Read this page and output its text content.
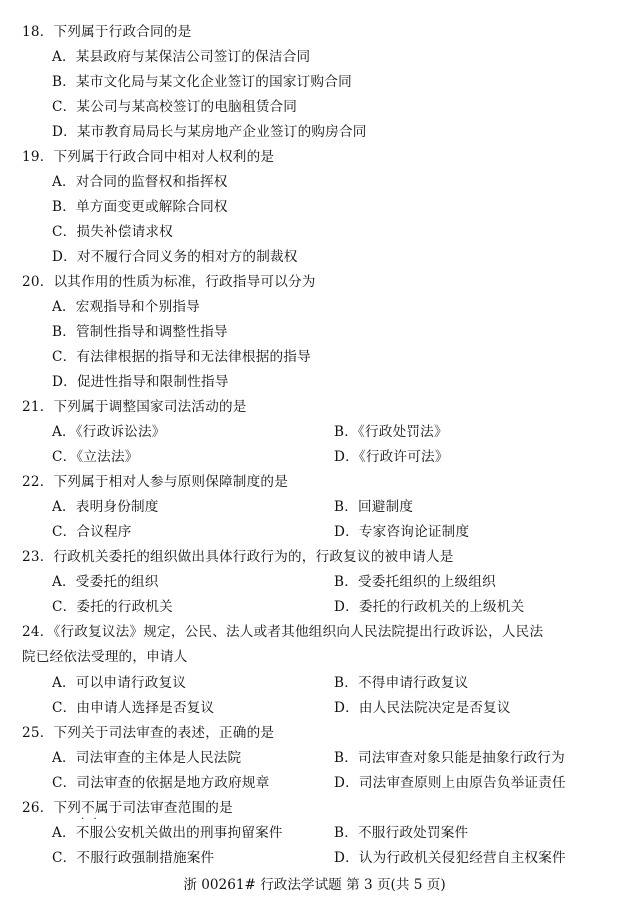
18．下列属于行政合同的是
A．某县政府与某保洁公司签订的保洁合同
B．某市文化局与某文化企业签订的国家订购合同
C．某公司与某高校签订的电脑租赁合同
D．某市教育局局长与某房地产企业签订的购房合同
19．下列属于行政合同中相对人权利的是
A．对合同的监督权和指挥权
B．单方面变更或解除合同权
C．损失补偿请求权
D．对不履行合同义务的相对方的制裁权
20．以其作用的性质为标准，行政指导可以分为
A．宏观指导和个别指导
B．管制性指导和调整性指导
C．有法律根据的指导和无法律根据的指导
D．促进性指导和限制性指导
21．下列属于调整国家司法活动的是
A．《行政诉讼法》	B．《行政处罚法》
C．《立法法》	D．《行政许可法》
22．下列属于相对人参与原则保障制度的是
A．表明身份制度	B．回避制度
C．合议程序	D．专家咨询论证制度
23．行政机关委托的组织做出具体行政行为的，行政复议的被申请人是
A．受委托的组织	B．受委托组织的上级组织
C．委托的行政机关	D．委托的行政机关的上级机关
24．《行政复议法》规定，公民、法人或者其他组织向人民法院提出行政诉讼，人民法
院已经依法受理的，申请人
A．可以申请行政复议	B．不得申请行政复议
C．由申请人选择是否复议	D．由人民法院决定是否复议
25．下列关于司法审查的表述，正确的是
A．司法审查的主体是人民法院	B．司法审查对象只能是抽象行政行为
C．司法审查的依据是地方政府规章	D．司法审查原则上由原告负举证责任
26．下列不属 · ·于司法审查范围的是
A．不服公安机关做出的刑事拘留案件	B．不服行政处罚案件
C．不服行政强制措施案件	D．认为行政机关侵犯经营自主权案件
浙 00261# 行政法学试题 第 3 页(共 5 页)
